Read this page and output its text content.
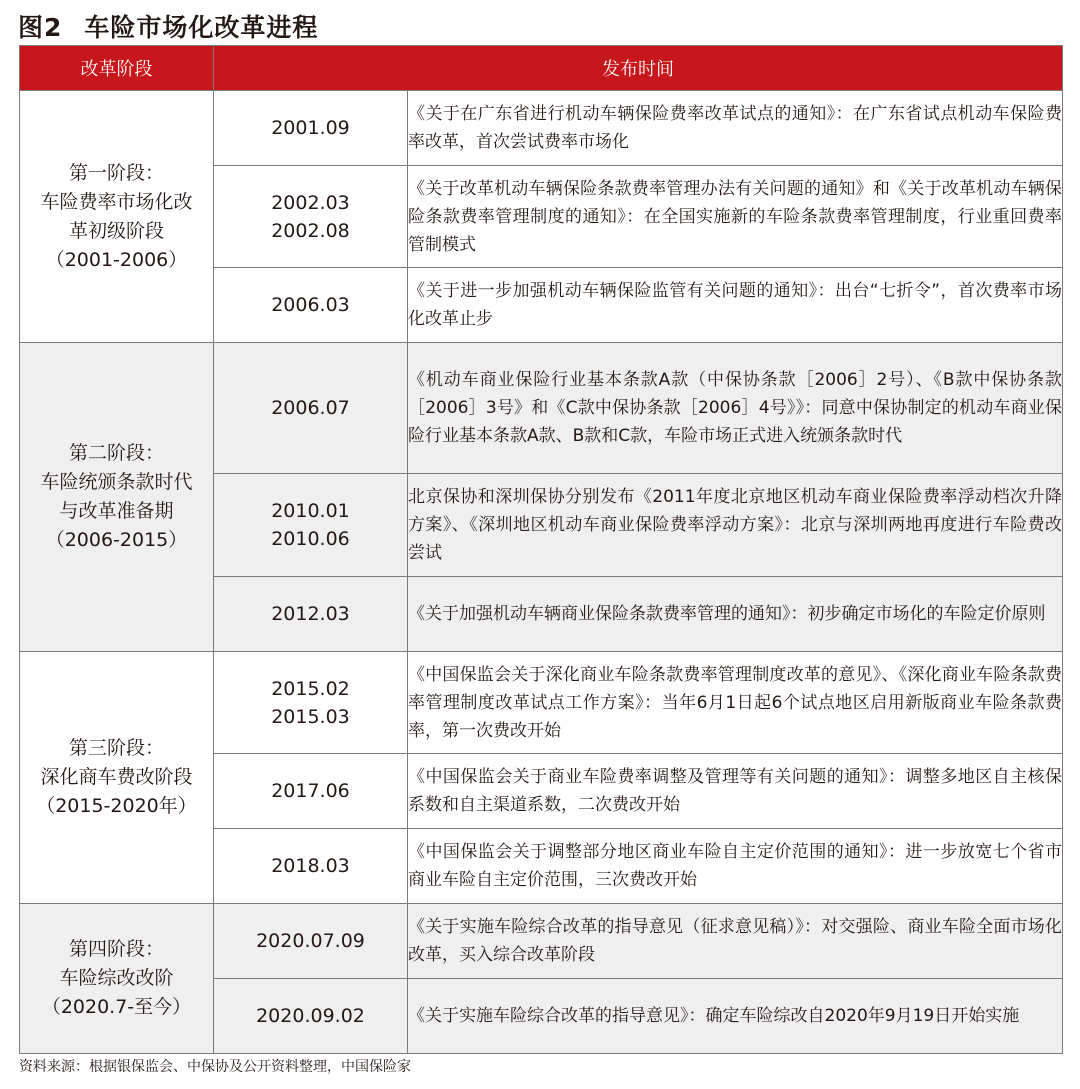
图2 车险市场化改革进程
改革阶段	发布时间	

第一阶段：
车险费率市场化改
革初级阶段
（2001-2006）	2001.09	《关于在广东省进行机动车辆保险费率改革试点的通知》：在广东省试点机动车保险费率改革，首次尝试费率市场化

	2002.03
2002.08	《关于改革机动车辆保险条款费率管理办法有关问题的通知》和《关于改革机动车辆保险条款费率管理制度的通知》：在全国实施新的车险条款费率管理制度，行业重回费率管制模式

	2006.03	《关于进一步加强机动车辆保险监管有关问题的通知》：出台“七折令”，首次费率市场化改革止步

第二阶段：
车险统颁条款时代
与改革准备期
（2006-2015）	2006.07	《机动车商业保险行业基本条款A款（中保协条款［2006］2号）、《B款中保协条款［2006］3号》和《C款中保协条款［2006］4号》》：同意中保协制定的机动车商业保险行业基本条款A款、B款和C款，车险市场正式进入统颁条款时代

	2010.01
2010.06	北京保协和深圳保协分别发布《2011年度北京地区机动车商业保险费率浮动档次升降方案》、《深圳地区机动车商业保险费率浮动方案》：北京与深圳两地再度进行车险费改尝试

	2012.03	《关于加强机动车辆商业保险条款费率管理的通知》：初步确定市场化的车险定价原则

第三阶段：
深化商车费改阶段
（2015-2020年）	2015.02
2015.03	《中国保监会关于深化商业车险条款费率管理制度改革的意见》、《深化商业车险条款费率管理制度改革试点工作方案》：当年6月1日起6个试点地区启用新版商业车险条款费率，第一次费改开始

	2017.06	《中国保监会关于商业车险费率调整及管理等有关问题的通知》：调整多地区自主核保系数和自主渠道系数，二次费改开始

	2018.03	《中国保监会关于调整部分地区商业车险自主定价范围的通知》：进一步放宽七个省市商业车险自主定价范围，三次费改开始

第四阶段：
车险综改改阶
（2020.7-至今）	2020.07.09	《关于实施车险综合改革的指导意见（征求意见稿）》：对交强险、商业车险全面市场化改革，买入综合改革阶段

	2020.09.02	《关于实施车险综合改革的指导意见》：确定车险综改自2020年9月19日开始实施
资料来源：根据银保监会、中保协及公开资料整理，中国保险家
